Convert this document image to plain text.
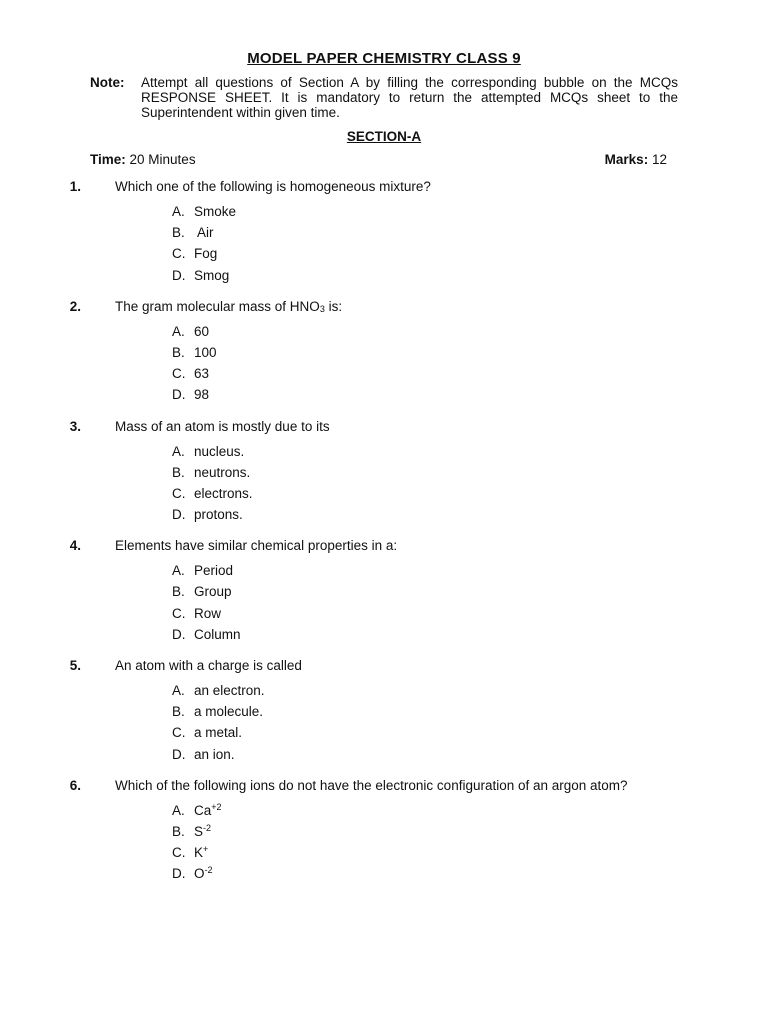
MODEL PAPER CHEMISTRY CLASS 9
Note:	Attempt all questions of Section A by filling the corresponding bubble on the MCQs RESPONSE SHEET. It is mandatory to return the attempted MCQs sheet to the Superintendent within given time.
SECTION-A
Time: 20 Minutes	Marks: 12
1.	Which one of the following is homogeneous mixture?
A. Smoke
B. Air
C. Fog
D. Smog
2.	The gram molecular mass of $HNO_3$ is:
A. 60
B. 100
C. 63
D. 98
3.	Mass of an atom is mostly due to its
A. nucleus.
B. neutrons.
C. electrons.
D. protons.
4.	Elements have similar chemical properties in a:
A. Period
B. Group
C. Row
D. Column
5.	An atom with a charge is called
A. an electron.
B. a molecule.
C. a metal.
D. an ion.
6.	Which of the following ions do not have the electronic configuration of an argon atom?
A. $Ca^{+2}$
B. $S^{-2}$
C. K+
D. $O^{-2}$
